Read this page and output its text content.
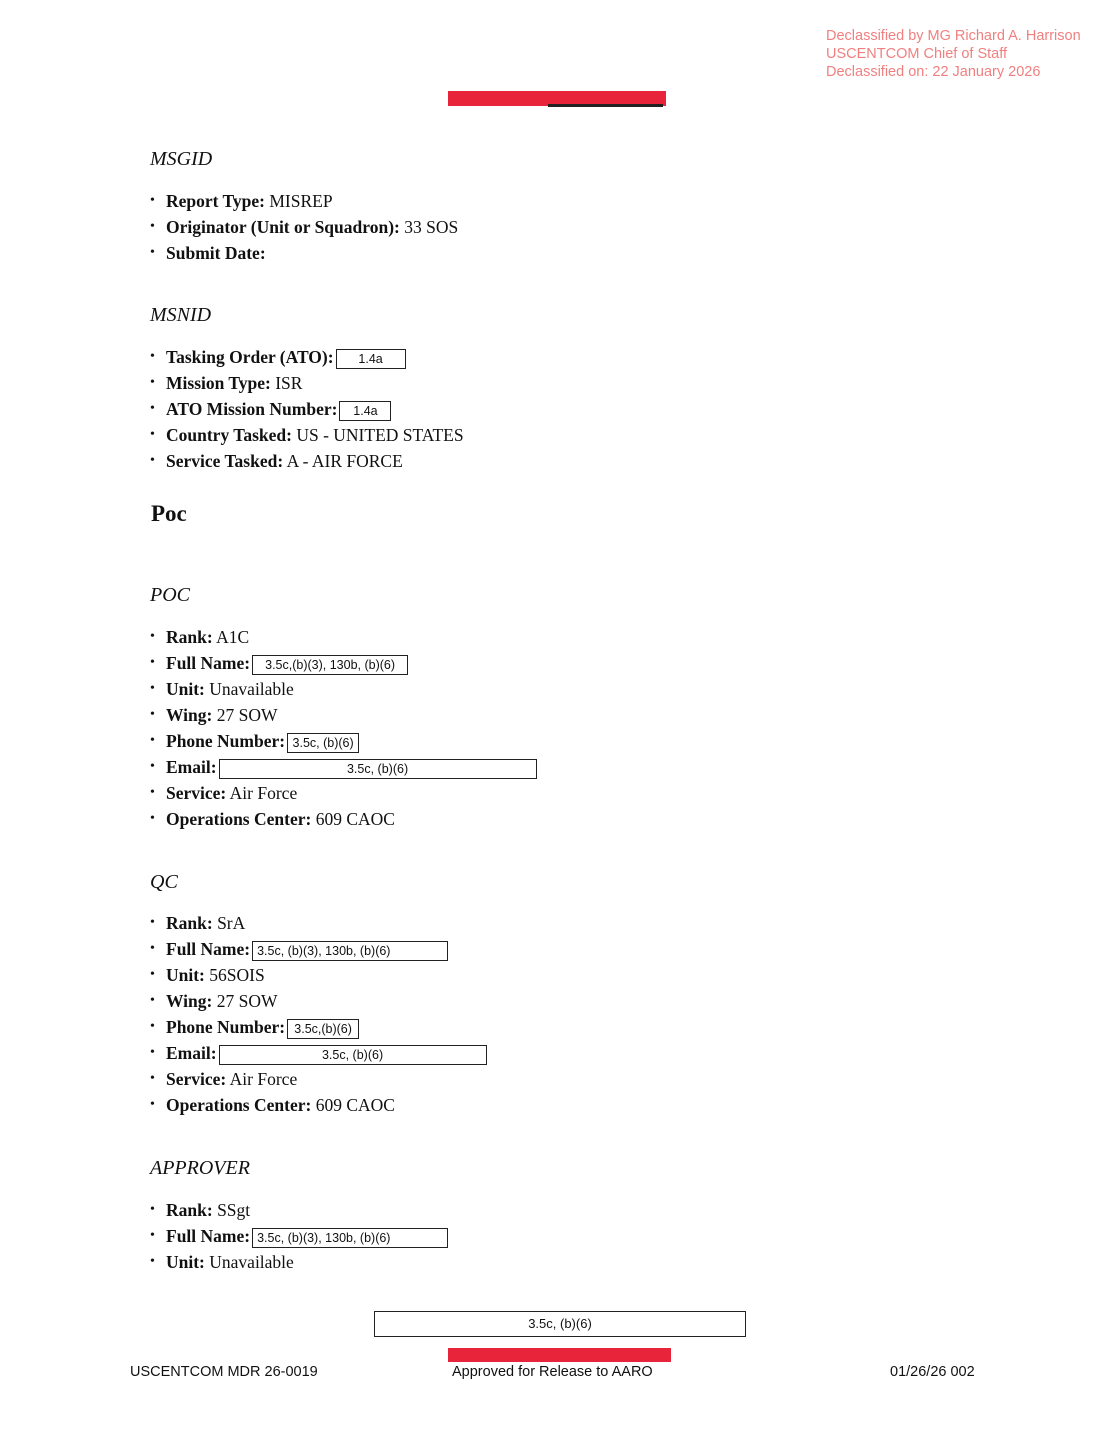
Declassified by MG Richard A. Harrison
USCENTCOM Chief of Staff
Declassified on: 22 January 2026
MSGID
• Report Type: MISREP
• Originator (Unit or Squadron): 33 SOS
• Submit Date:
MSNID
• Tasking Order (ATO): 1.4a
• Mission Type: ISR
• ATO Mission Number: 1.4a
• Country Tasked: US - UNITED STATES
• Service Tasked: A - AIR FORCE
Poc
POC
• Rank: A1C
• Full Name: 3.5c,(b)(3), 130b, (b)(6)
• Unit: Unavailable
• Wing: 27 SOW
• Phone Number: 3.5c, (b)(6)
• Email:	3.5c, (b)(6)
• Service: Air Force
• Operations Center: 609 CAOC
QC
• Rank: SrA
• Full Name: 3.5c, (b)(3), 130b, (b)(6)
• Unit: 56SOIS
• Wing: 27 SOW
• Phone Number: 3.5c,(b)(6)
• Email:	3.5c, (b)(6)
• Service: Air Force
• Operations Center: 609 CAOC
APPROVER
• Rank: SSgt
• Full Name: 3.5c, (b)(3), 130b, (b)(6)
• Unit: Unavailable
3.5c, (b)(6)
USCENTCOM MDR 26-0019	Approved for Release to AARO	01/26/26 002
